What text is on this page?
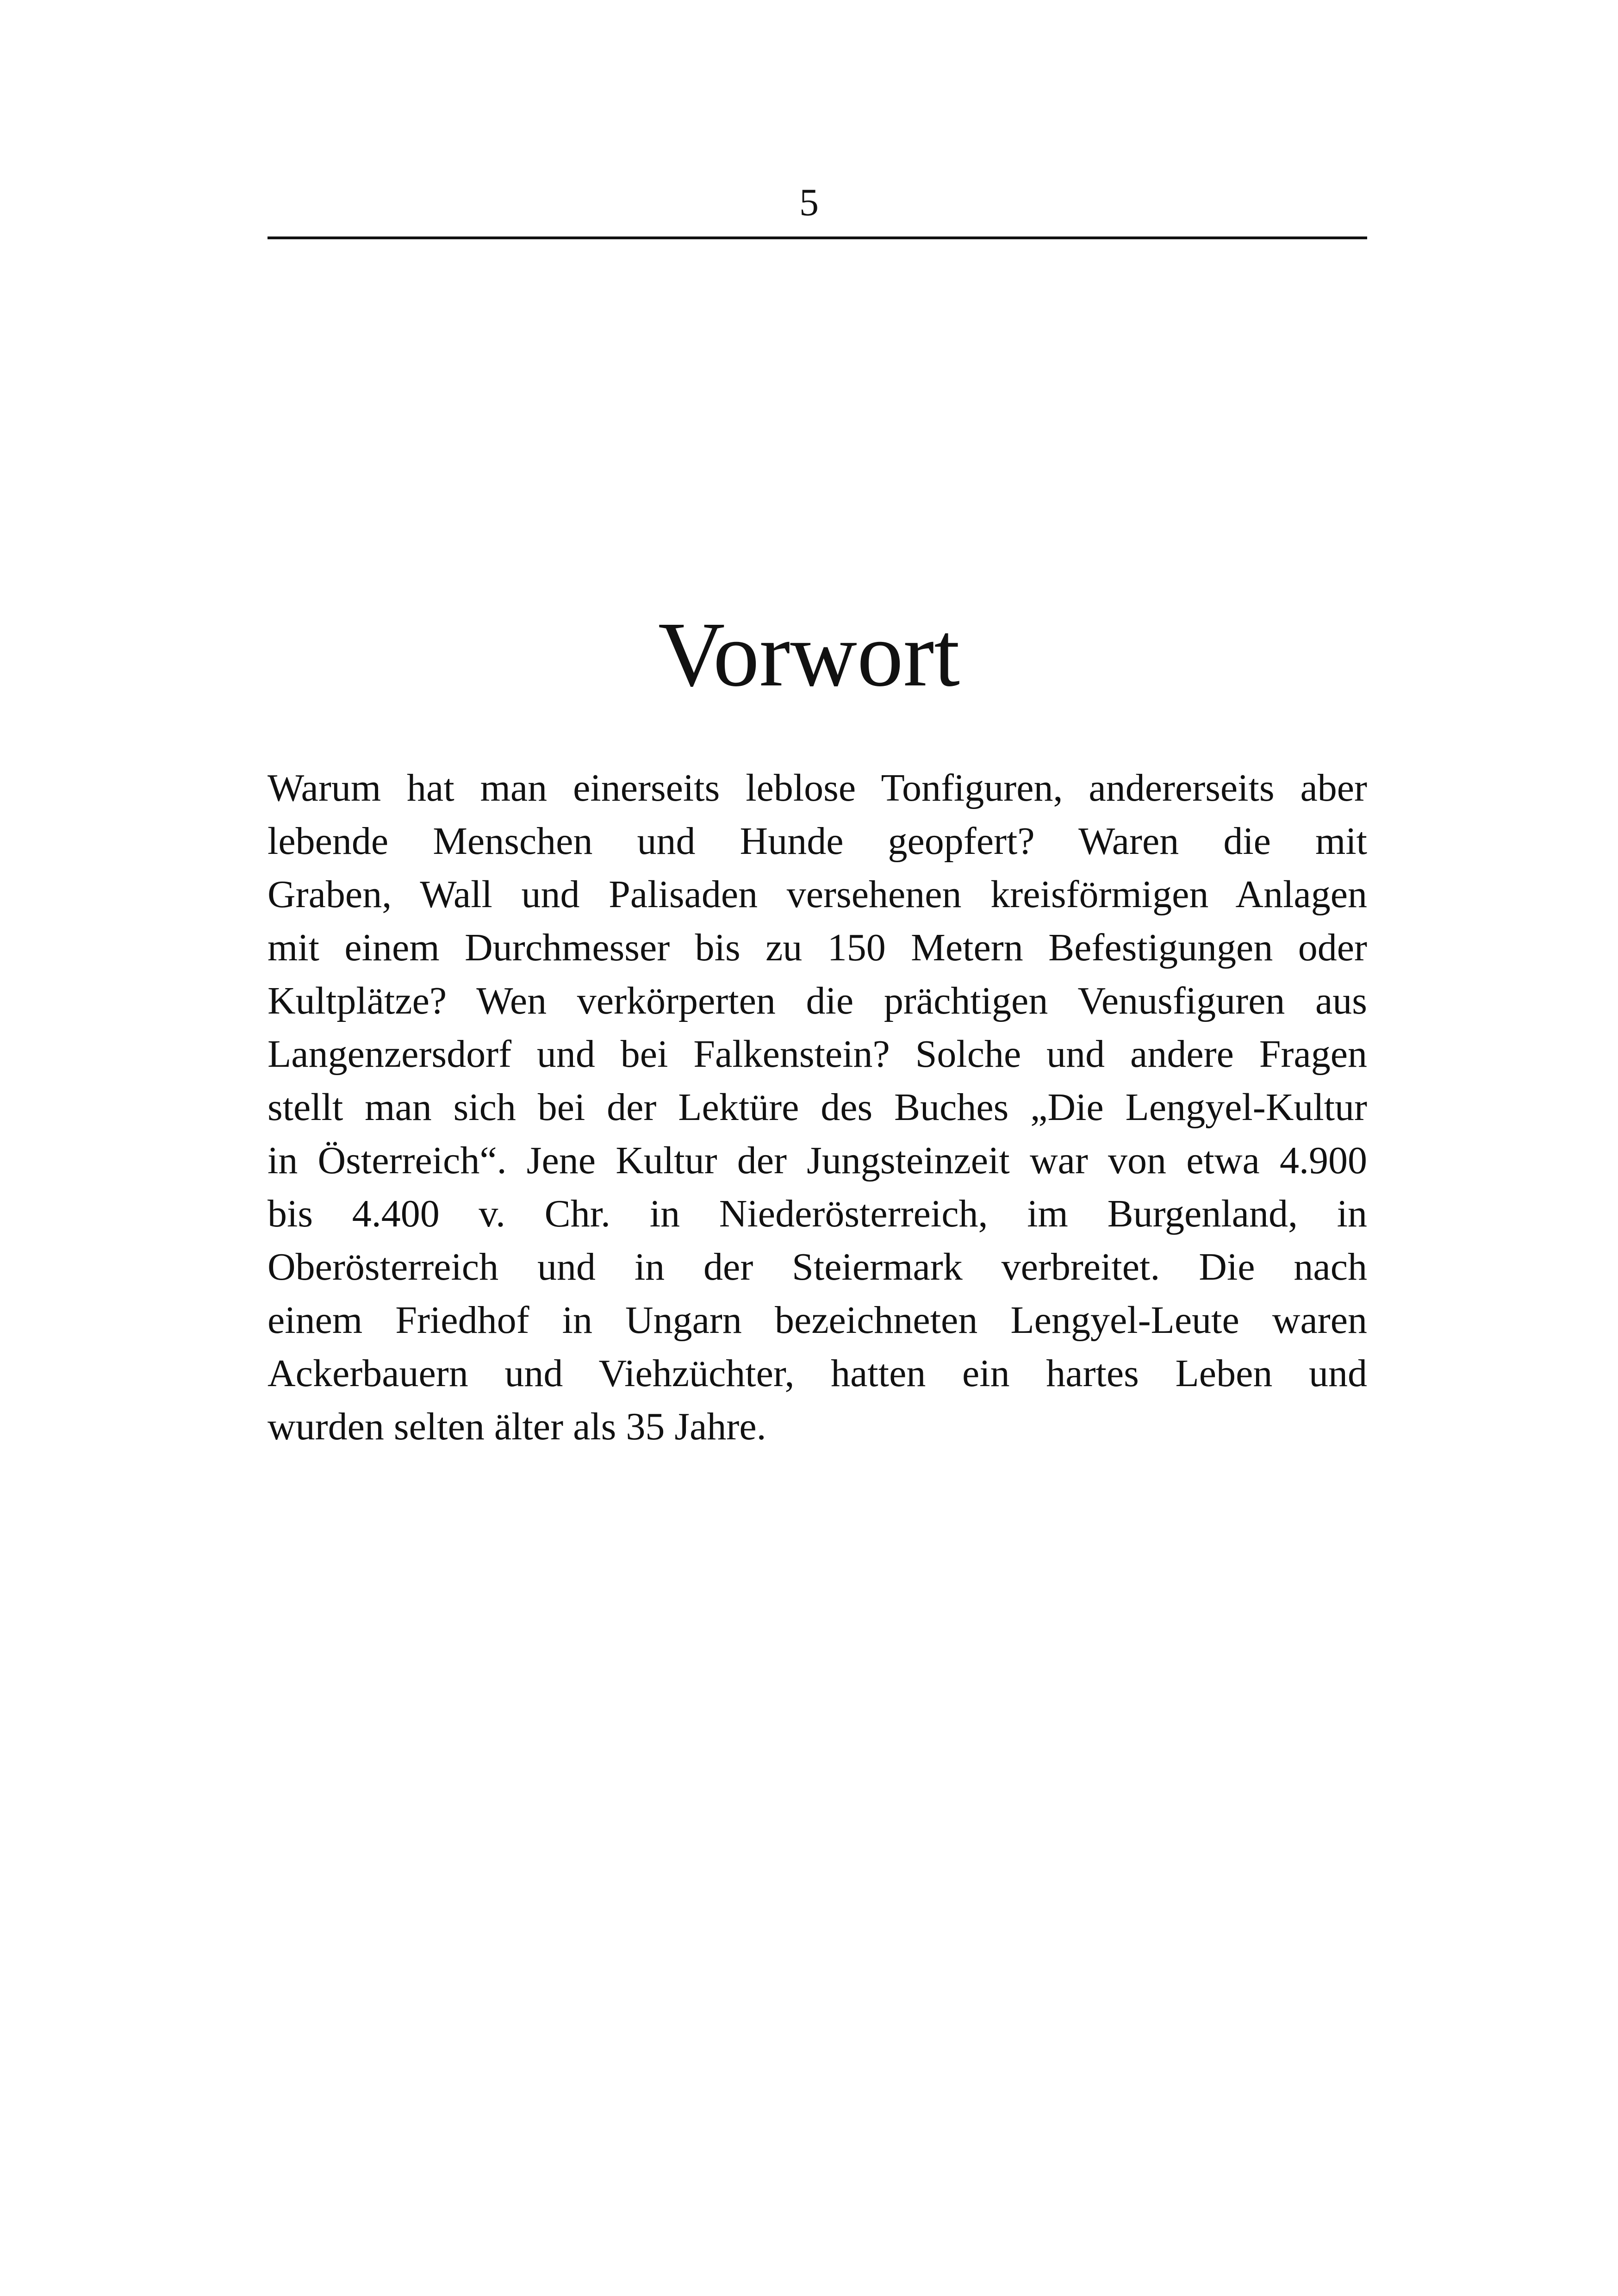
5
Vorwort
Warum hat man einerseits leblose Tonfiguren, andererseits aber
lebende Menschen und Hunde geopfert? Waren die mit
Graben, Wall und Palisaden versehenen kreisförmigen Anlagen
mit einem Durchmesser bis zu 150 Metern Befestigungen oder
Kultplätze? Wen verkörperten die prächtigen Venusfiguren aus
Langenzersdorf und bei Falkenstein? Solche und andere Fragen
stellt man sich bei der Lektüre des Buches „Die Lengyel-Kultur
in Österreich“. Jene Kultur der Jungsteinzeit war von etwa 4.900
bis 4.400 v. Chr. in Niederösterreich, im Burgenland, in
Oberösterreich und in der Steiermark verbreitet. Die nach
einem Friedhof in Ungarn bezeichneten Lengyel-Leute waren
Ackerbauern und Viehzüchter, hatten ein hartes Leben und
wurden selten älter als 35 Jahre.
